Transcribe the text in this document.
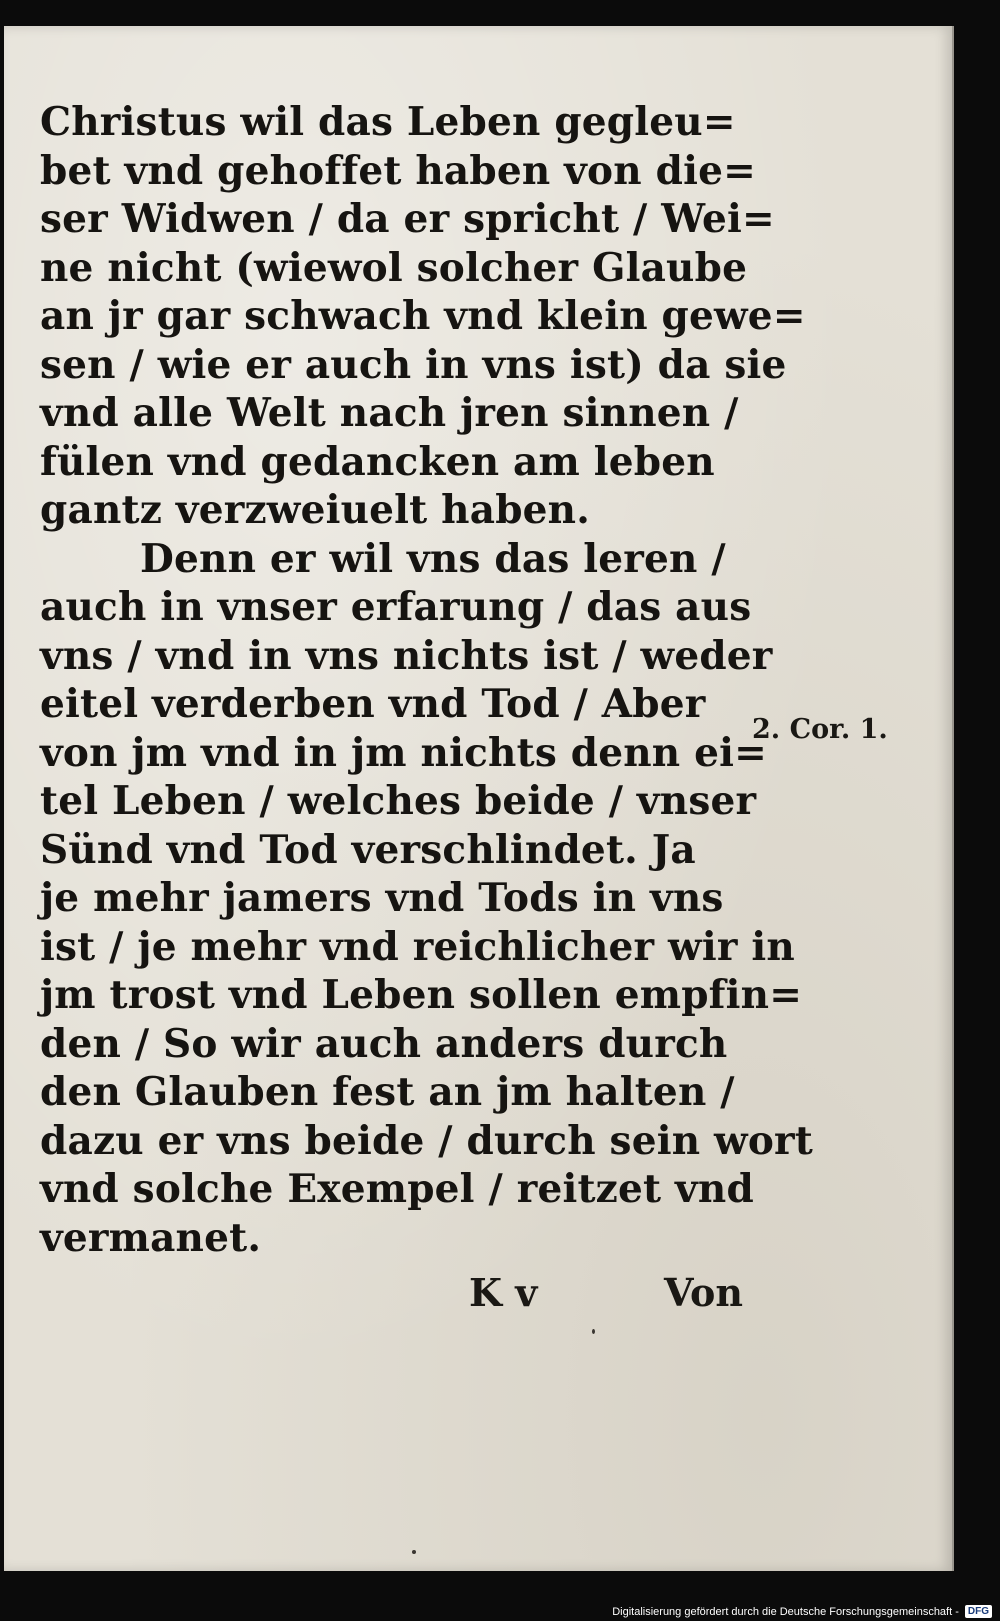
Christus wil das Leben gegleu=
bet vnd gehoffet haben von die=
ser Widwen / da er spricht / Wei=
ne nicht (wiewol solcher Glaube
an jr gar schwach vnd klein gewe=
sen / wie er auch in vns ist) da sie
vnd alle Welt nach jren sinnen /
fülen vnd gedancken am leben
gantz verzweiuelt haben.
Denn er wil vns das leren /
auch in vnser erfarung / das aus
vns / vnd in vns nichts ist / weder
eitel verderben vnd Tod / Aber
von jm vnd in jm nichts denn ei=
tel Leben / welches beide / vnser
Sünd vnd Tod verschlindet. Ja
je mehr jamers vnd Tods in vns
ist / je mehr vnd reichlicher wir in
jm trost vnd Leben sollen empfin=
den / So wir auch anders durch
den Glauben fest an jm halten /
dazu er vns beide / durch sein wort
vnd solche Exempel / reitzet vnd
vermanet.
2. Cor. 1.
K v	Von
Digitalisierung gefördert durch die Deutsche Forschungsgemeinschaft - DFG
